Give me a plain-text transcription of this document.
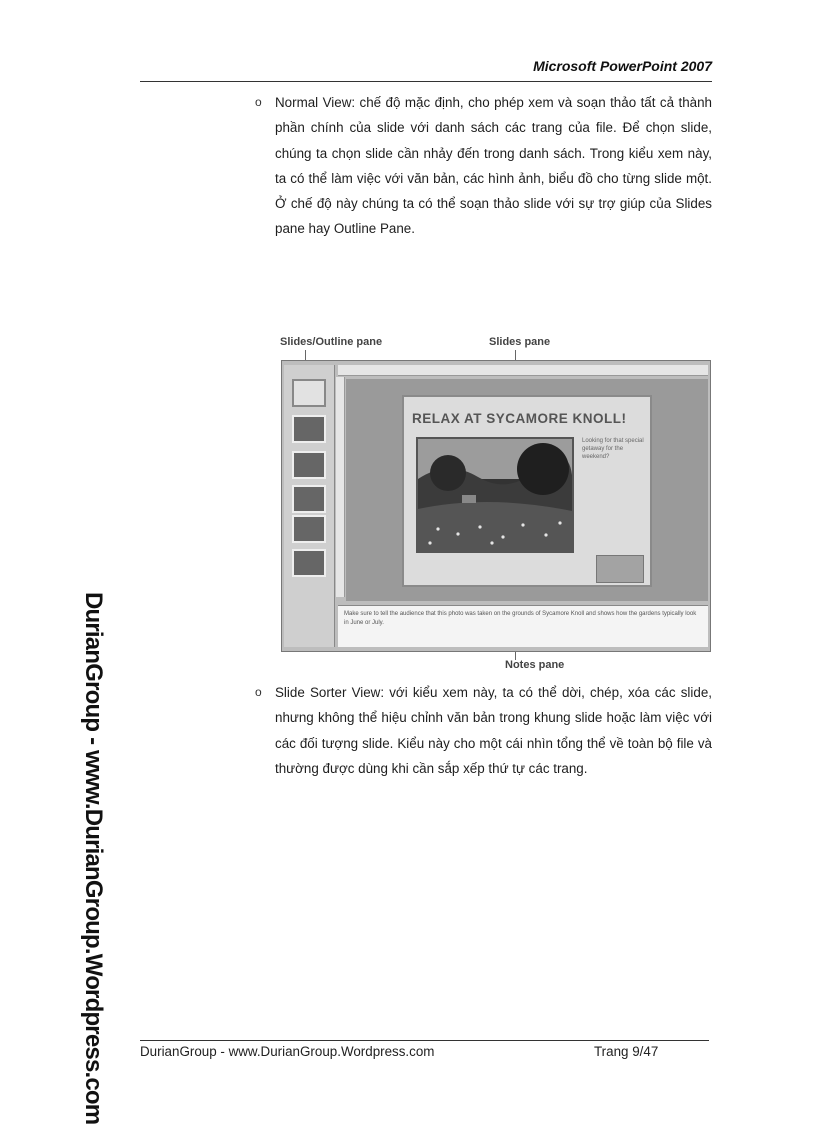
Microsoft PowerPoint 2007
o Normal View: chế độ mặc định, cho phép xem và soạn thảo tất cả thành phần chính của slide với danh sách các trang của file. Để chọn slide, chúng ta chọn slide cần nhảy đến trong danh sách. Trong kiểu xem này, ta có thể làm việc với văn bản, các hình ảnh, biểu đồ cho từng slide một. Ở chế độ này chúng ta có thể soạn thảo slide với sự trợ giúp của Slides pane hay Outline Pane.
Slides/Outline pane	Slides pane
RELAX AT SYCAMORE KNOLL!
Looking for that special getaway for the weekend?
Make sure to tell the audience that this photo was taken on the grounds of Sycamore Knoll and shows how the gardens typically look in June or July.
Notes pane
o Slide Sorter View: với kiểu xem này, ta có thể dời, chép, xóa các slide, nhưng không thể hiệu chỉnh văn bản trong khung slide hoặc làm việc với các đối tượng slide. Kiểu này cho một cái nhìn tổng thể về toàn bộ file và thường được dùng khi cần sắp xếp thứ tự các trang.
DurianGroup - www.DurianGroup.Wordpress.com DurianGroup - www.DurianGroup.Wordpress.com	Trang 9/47
